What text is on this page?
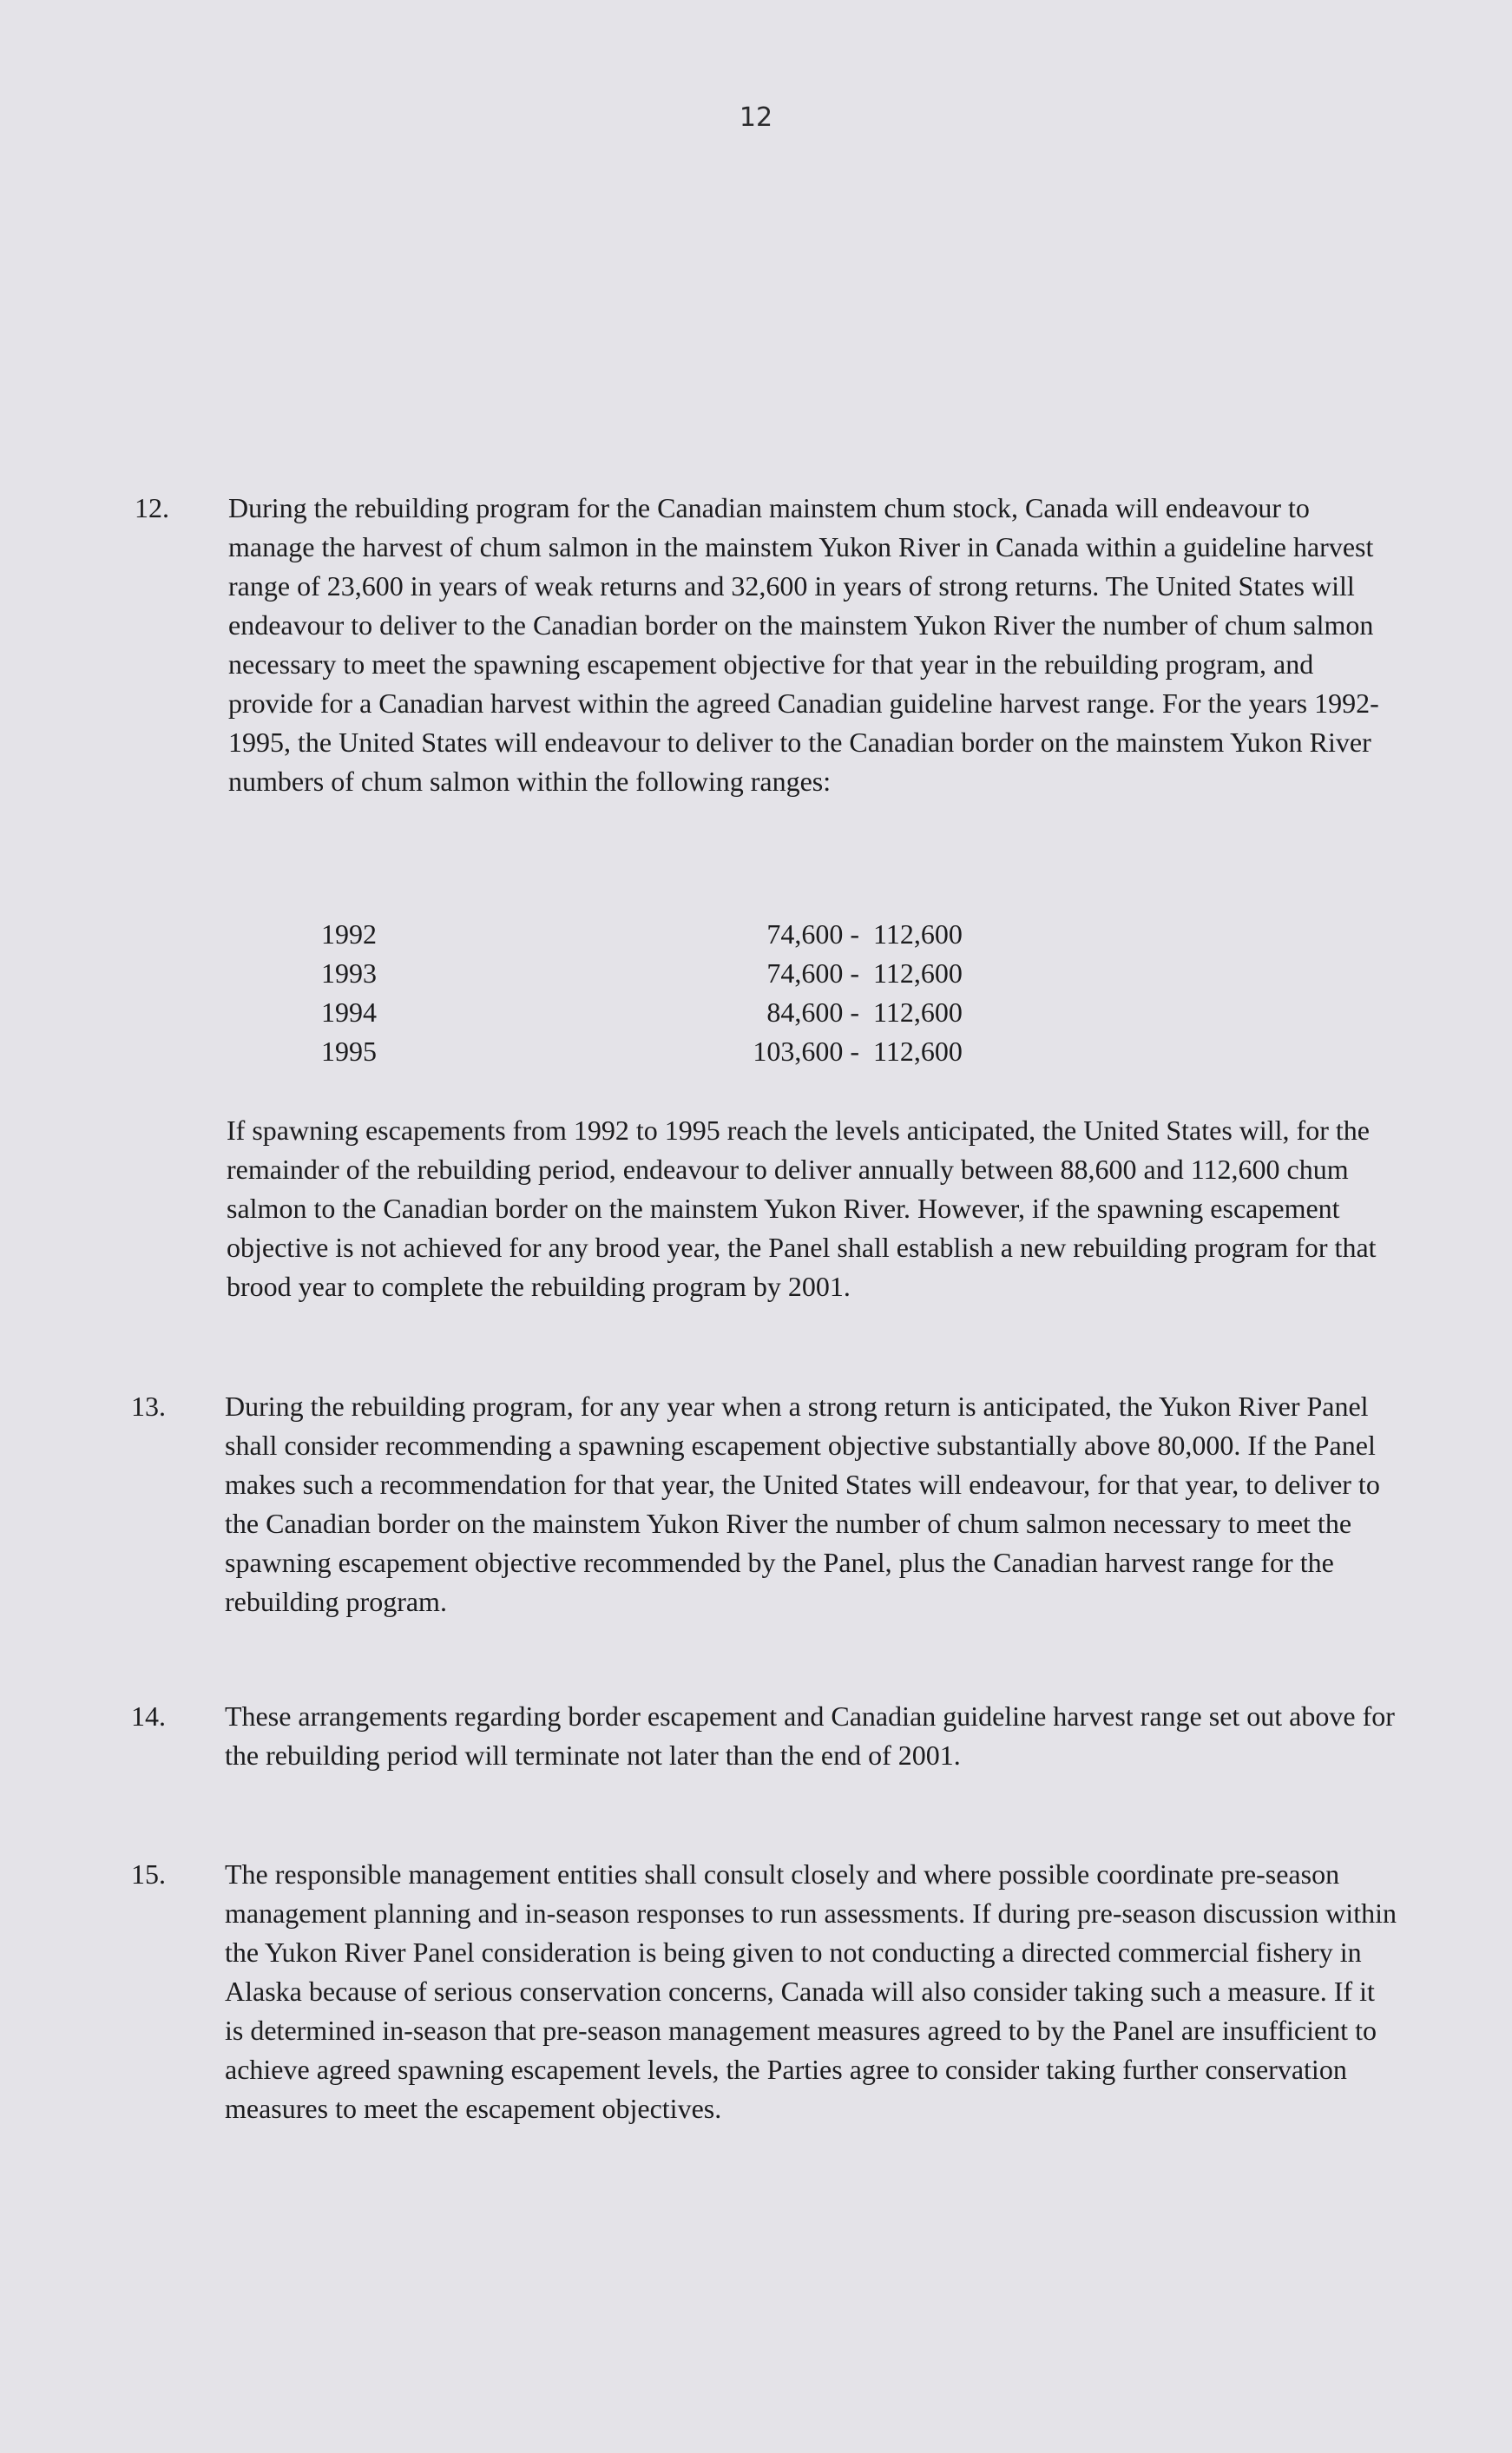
12
12. During the rebuilding program for the Canadian mainstem chum stock, Canada will endeavour to manage the harvest of chum salmon in the mainstem Yukon River in Canada within a guideline harvest range of 23,600 in years of weak returns and 32,600 in years of strong returns. The United States will endeavour to deliver to the Canadian border on the mainstem Yukon River the number of chum salmon necessary to meet the spawning escapement objective for that year in the rebuilding program, and provide for a Canadian harvest within the agreed Canadian guideline harvest range. For the years 1992-1995, the United States will endeavour to deliver to the Canadian border on the mainstem Yukon River numbers of chum salmon within the following ranges:

1992	74,600 -	112,600
1993	74,600 -	112,600
1994	84,600 -	112,600
1995	103,600 -	112,600

If spawning escapements from 1992 to 1995 reach the levels anticipated, the United States will, for the remainder of the rebuilding period, endeavour to deliver annually between 88,600 and 112,600 chum salmon to the Canadian border on the mainstem Yukon River. However, if the spawning escapement objective is not achieved for any brood year, the Panel shall establish a new rebuilding program for that brood year to complete the rebuilding program by 2001.

13. During the rebuilding program, for any year when a strong return is anticipated, the Yukon River Panel shall consider recommending a spawning escapement objective substantially above 80,000. If the Panel makes such a recommendation for that year, the United States will endeavour, for that year, to deliver to the Canadian border on the mainstem Yukon River the number of chum salmon necessary to meet the spawning escapement objective recommended by the Panel, plus the Canadian harvest range for the rebuilding program.

14. These arrangements regarding border escapement and Canadian guideline harvest range set out above for the rebuilding period will terminate not later than the end of 2001.

15. The responsible management entities shall consult closely and where possible coordinate pre-season management planning and in-season responses to run assessments. If during pre-season discussion within the Yukon River Panel consideration is being given to not conducting a directed commercial fishery in Alaska because of serious conservation concerns, Canada will also consider taking such a measure. If it is determined in-season that pre-season management measures agreed to by the Panel are insufficient to achieve agreed spawning escapement levels, the Parties agree to consider taking further conservation measures to meet the escapement objectives.
